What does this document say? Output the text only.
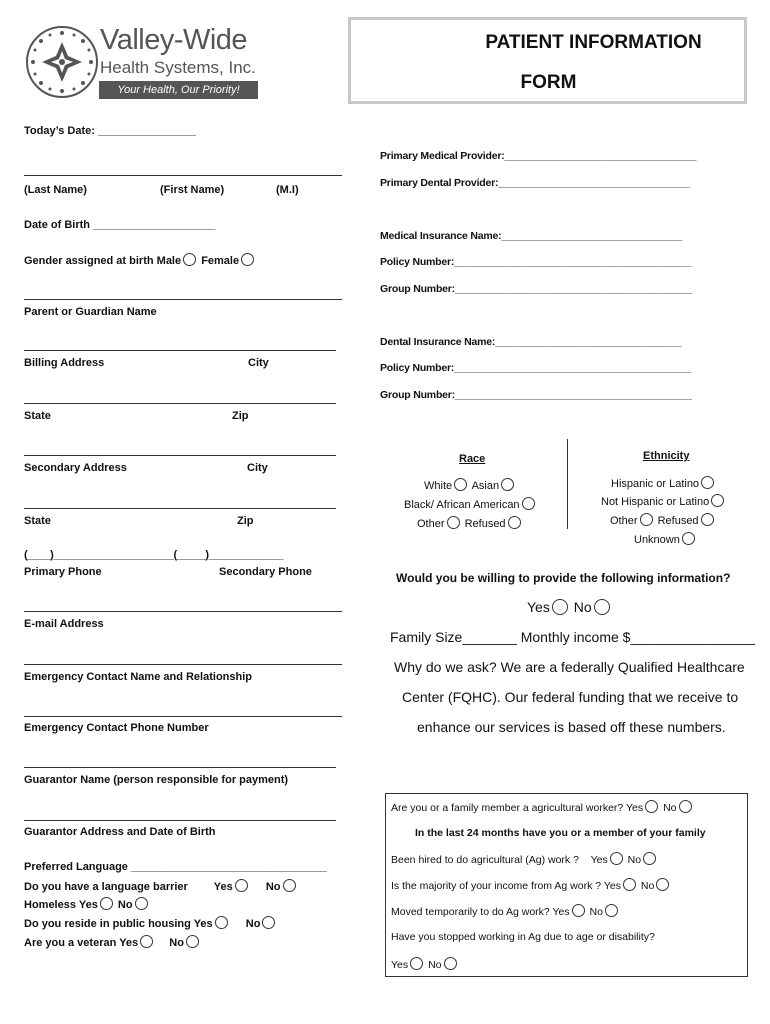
Valley-Wide
Health Systems, Inc.
Your Health, Our Priority!
PATIENT INFORMATION
FORM
Today’s Date: ________________
(Last Name)	(First Name)	(M.I)
Date of Birth ____________________
Gender assigned at birth Male Female
Parent or Guardian Name
Billing Address	City
State	Zip
Secondary Address	City
State	Zip
(____)_____________________(_____)_____________
Primary Phone	Secondary Phone
E-mail Address
Emergency Contact Name and Relationship
Emergency Contact Phone Number
Guarantor Name (person responsible for payment)
Guarantor Address and Date of Birth
Preferred Language ________________________________
Do you have a language barrier Yes	No
Homeless Yes No
Do you reside in public housing Yes	No
Are you a veteran Yes	No
Primary Medical Provider:__________________________________
Primary Dental Provider:__________________________________
Medical Insurance Name:________________________________
Policy Number:__________________________________________
Group Number:__________________________________________
Dental Insurance Name:_________________________________
Policy Number:__________________________________________
Group Number:__________________________________________
Race
White Asian
Black/ African American
Other Refused
Ethnicity
Hispanic or Latino
Not Hispanic or Latino
Other Refused
Unknown
Would you be willing to provide the following information?
Yes No
Family Size_______ Monthly income $________________
Why do we ask? We are a federally Qualified Healthcare
Center (FQHC). Our federal funding that we receive to
enhance our services is based off these numbers.
Are you or a family member a agricultural worker? Yes No
In the last 24 months have you or a member of your family
Been hired to do agricultural (Ag) work ? Yes No
Is the majority of your income from Ag work ? Yes No
Moved temporarily to do Ag work? Yes No
Have you stopped working in Ag due to age or disability?
Yes No
